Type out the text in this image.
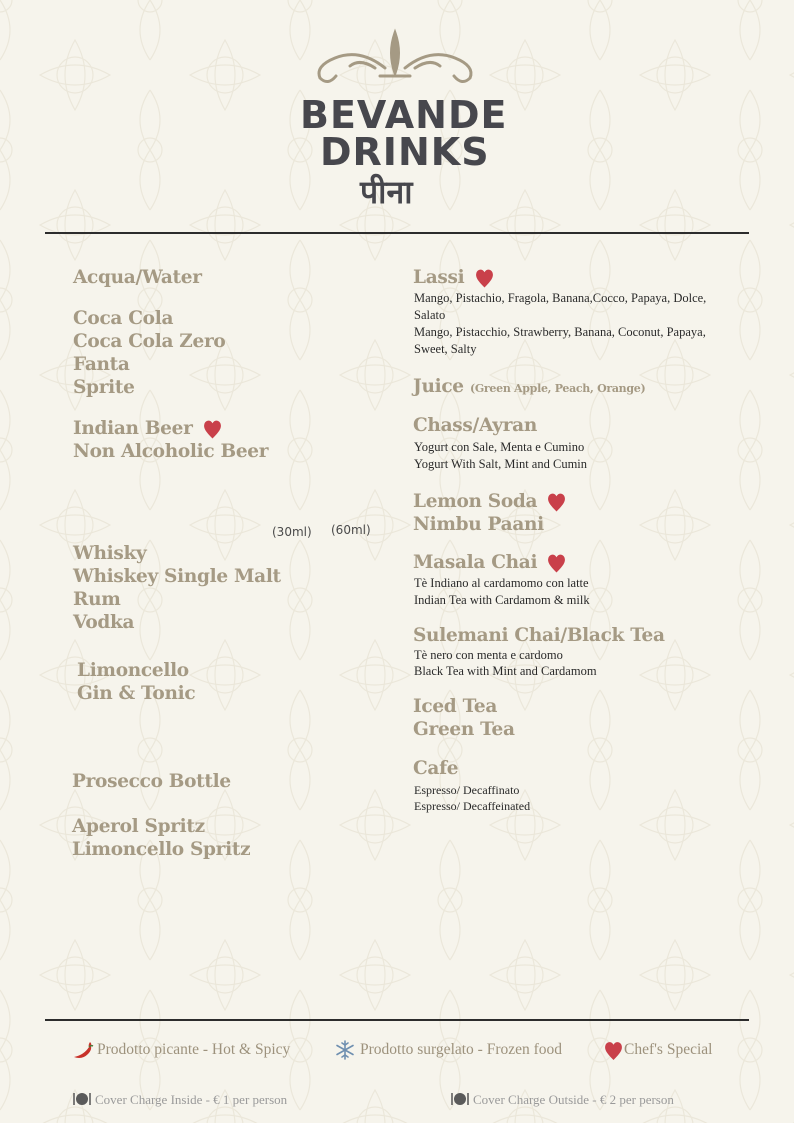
BEVANDE
DRINKS
पीना
Acqua/Water
Coca Cola
Coca Cola Zero
Fanta
Sprite
Indian Beer
Non Alcoholic Beer
(30ml) (60ml)
Whisky
Whiskey Single Malt
Rum
Vodka
Limoncello
Gin & Tonic
Prosecco Bottle
Aperol Spritz
Limoncello Spritz
Lassi
Mango, Pistachio, Fragola, Banana,Cocco, Papaya, Dolce, Salato
Mango, Pistacchio, Strawberry, Banana, Coconut, Papaya, Sweet, Salty
Juice (Green Apple, Peach, Orange)
Chass/Ayran
Yogurt con Sale, Menta e Cumino
Yogurt With Salt, Mint and Cumin
Lemon Soda
Nimbu Paani
Masala Chai
Tè Indiano al cardamomo con latte
Indian Tea with Cardamom & milk
Sulemani Chai/Black Tea
Tè nero con menta e cardomo
Black Tea with Mint and Cardamom
Iced Tea
Green Tea
Cafe
Espresso/ Decaffinato
Espresso/ Decaffeinated
Prodotto picante - Hot & Spicy	Prodotto surgelato - Frozen food	Chef's Special
Cover Charge Inside - € 1 per person	Cover Charge Outside - € 2 per person
